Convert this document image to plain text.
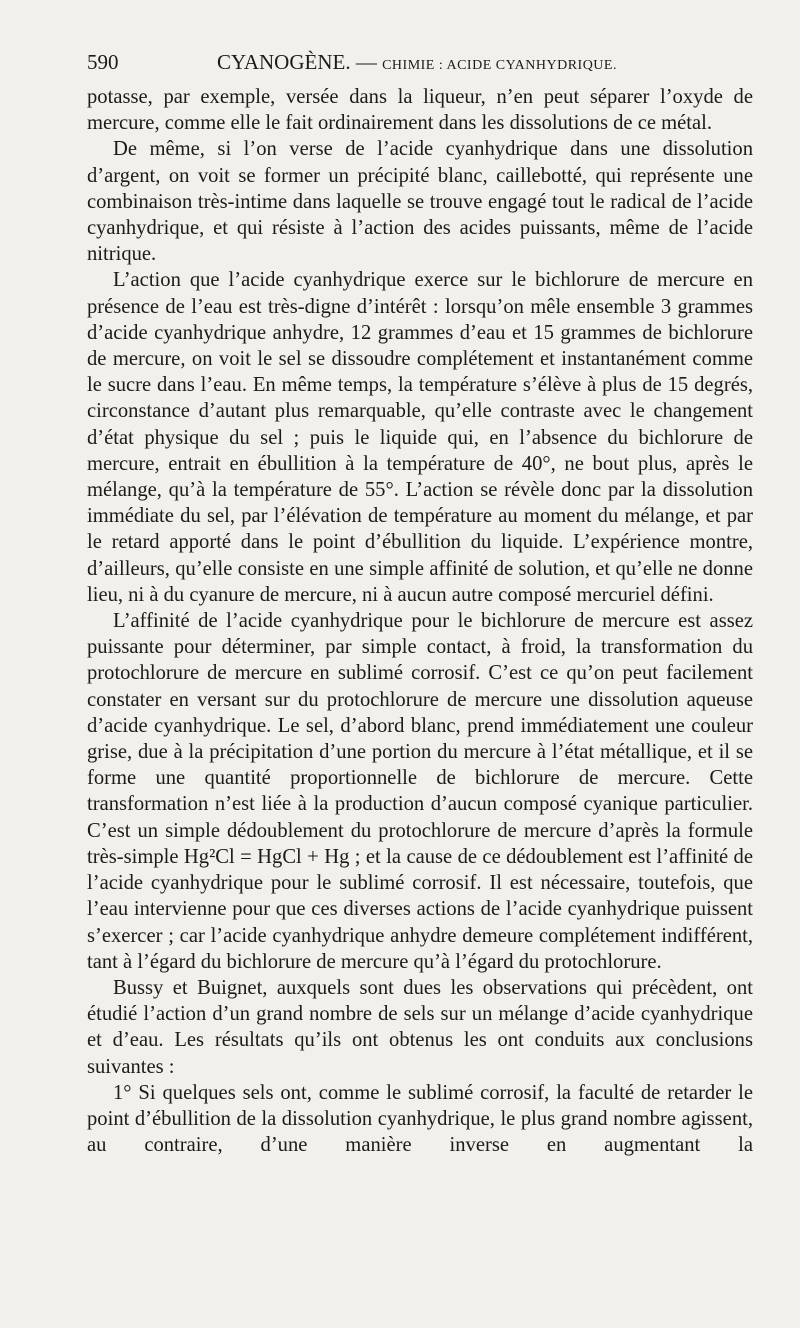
590	CYANOGÈNE. — CHIMIE : ACIDE CYANHYDRIQUE.

potasse, par exemple, versée dans la liqueur, n’en peut séparer l’oxyde de mercure, comme elle le fait ordinairement dans les dissolutions de ce métal.

De même, si l’on verse de l’acide cyanhydrique dans une dissolution d’argent, on voit se former un précipité blanc, caillebotté, qui représente une combinaison très-intime dans laquelle se trouve engagé tout le radical de l’acide cyanhydrique, et qui résiste à l’action des acides puissants, même de l’acide nitrique.

L’action que l’acide cyanhydrique exerce sur le bichlorure de mercure en présence de l’eau est très-digne d’intérêt : lorsqu’on mêle ensemble 3 grammes d’acide cyanhydrique anhydre, 12 grammes d’eau et 15 grammes de bichlorure de mercure, on voit le sel se dissoudre complétement et instantanément comme le sucre dans l’eau. En même temps, la température s’élève à plus de 15 degrés, circonstance d’autant plus remarquable, qu’elle contraste avec le changement d’état physique du sel ; puis le liquide qui, en l’absence du bichlorure de mercure, entrait en ébullition à la température de 40°, ne bout plus, après le mélange, qu’à la température de 55°. L’action se révèle donc par la dissolution immédiate du sel, par l’élévation de température au moment du mélange, et par le retard apporté dans le point d’ébullition du liquide. L’expérience montre, d’ailleurs, qu’elle consiste en une simple affinité de solution, et qu’elle ne donne lieu, ni à du cyanure de mercure, ni à aucun autre composé mercuriel défini.

L’affinité de l’acide cyanhydrique pour le bichlorure de mercure est assez puissante pour déterminer, par simple contact, à froid, la transformation du protochlorure de mercure en sublimé corrosif. C’est ce qu’on peut facilement constater en versant sur du protochlorure de mercure une dissolution aqueuse d’acide cyanhydrique. Le sel, d’abord blanc, prend immédiatement une couleur grise, due à la précipitation d’une portion du mercure à l’état métallique, et il se forme une quantité proportionnelle de bichlorure de mercure. Cette transformation n’est liée à la production d’aucun composé cyanique particulier. C’est un simple dédoublement du protochlorure de mercure d’après la formule très-simple Hg²Cl = HgCl + Hg ; et la cause de ce dédoublement est l’affinité de l’acide cyanhydrique pour le sublimé corrosif. Il est nécessaire, toutefois, que l’eau intervienne pour que ces diverses actions de l’acide cyanhydrique puissent s’exercer ; car l’acide cyanhydrique anhydre demeure complétement indifférent, tant à l’égard du bichlorure de mercure qu’à l’égard du protochlorure.

Bussy et Buignet, auxquels sont dues les observations qui précèdent, ont étudié l’action d’un grand nombre de sels sur un mélange d’acide cyanhydrique et d’eau. Les résultats qu’ils ont obtenus les ont conduits aux conclusions suivantes :

1° Si quelques sels ont, comme le sublimé corrosif, la faculté de retarder le point d’ébullition de la dissolution cyanhydrique, le plus grand nombre agissent, au contraire, d’une manière inverse en augmentant la
